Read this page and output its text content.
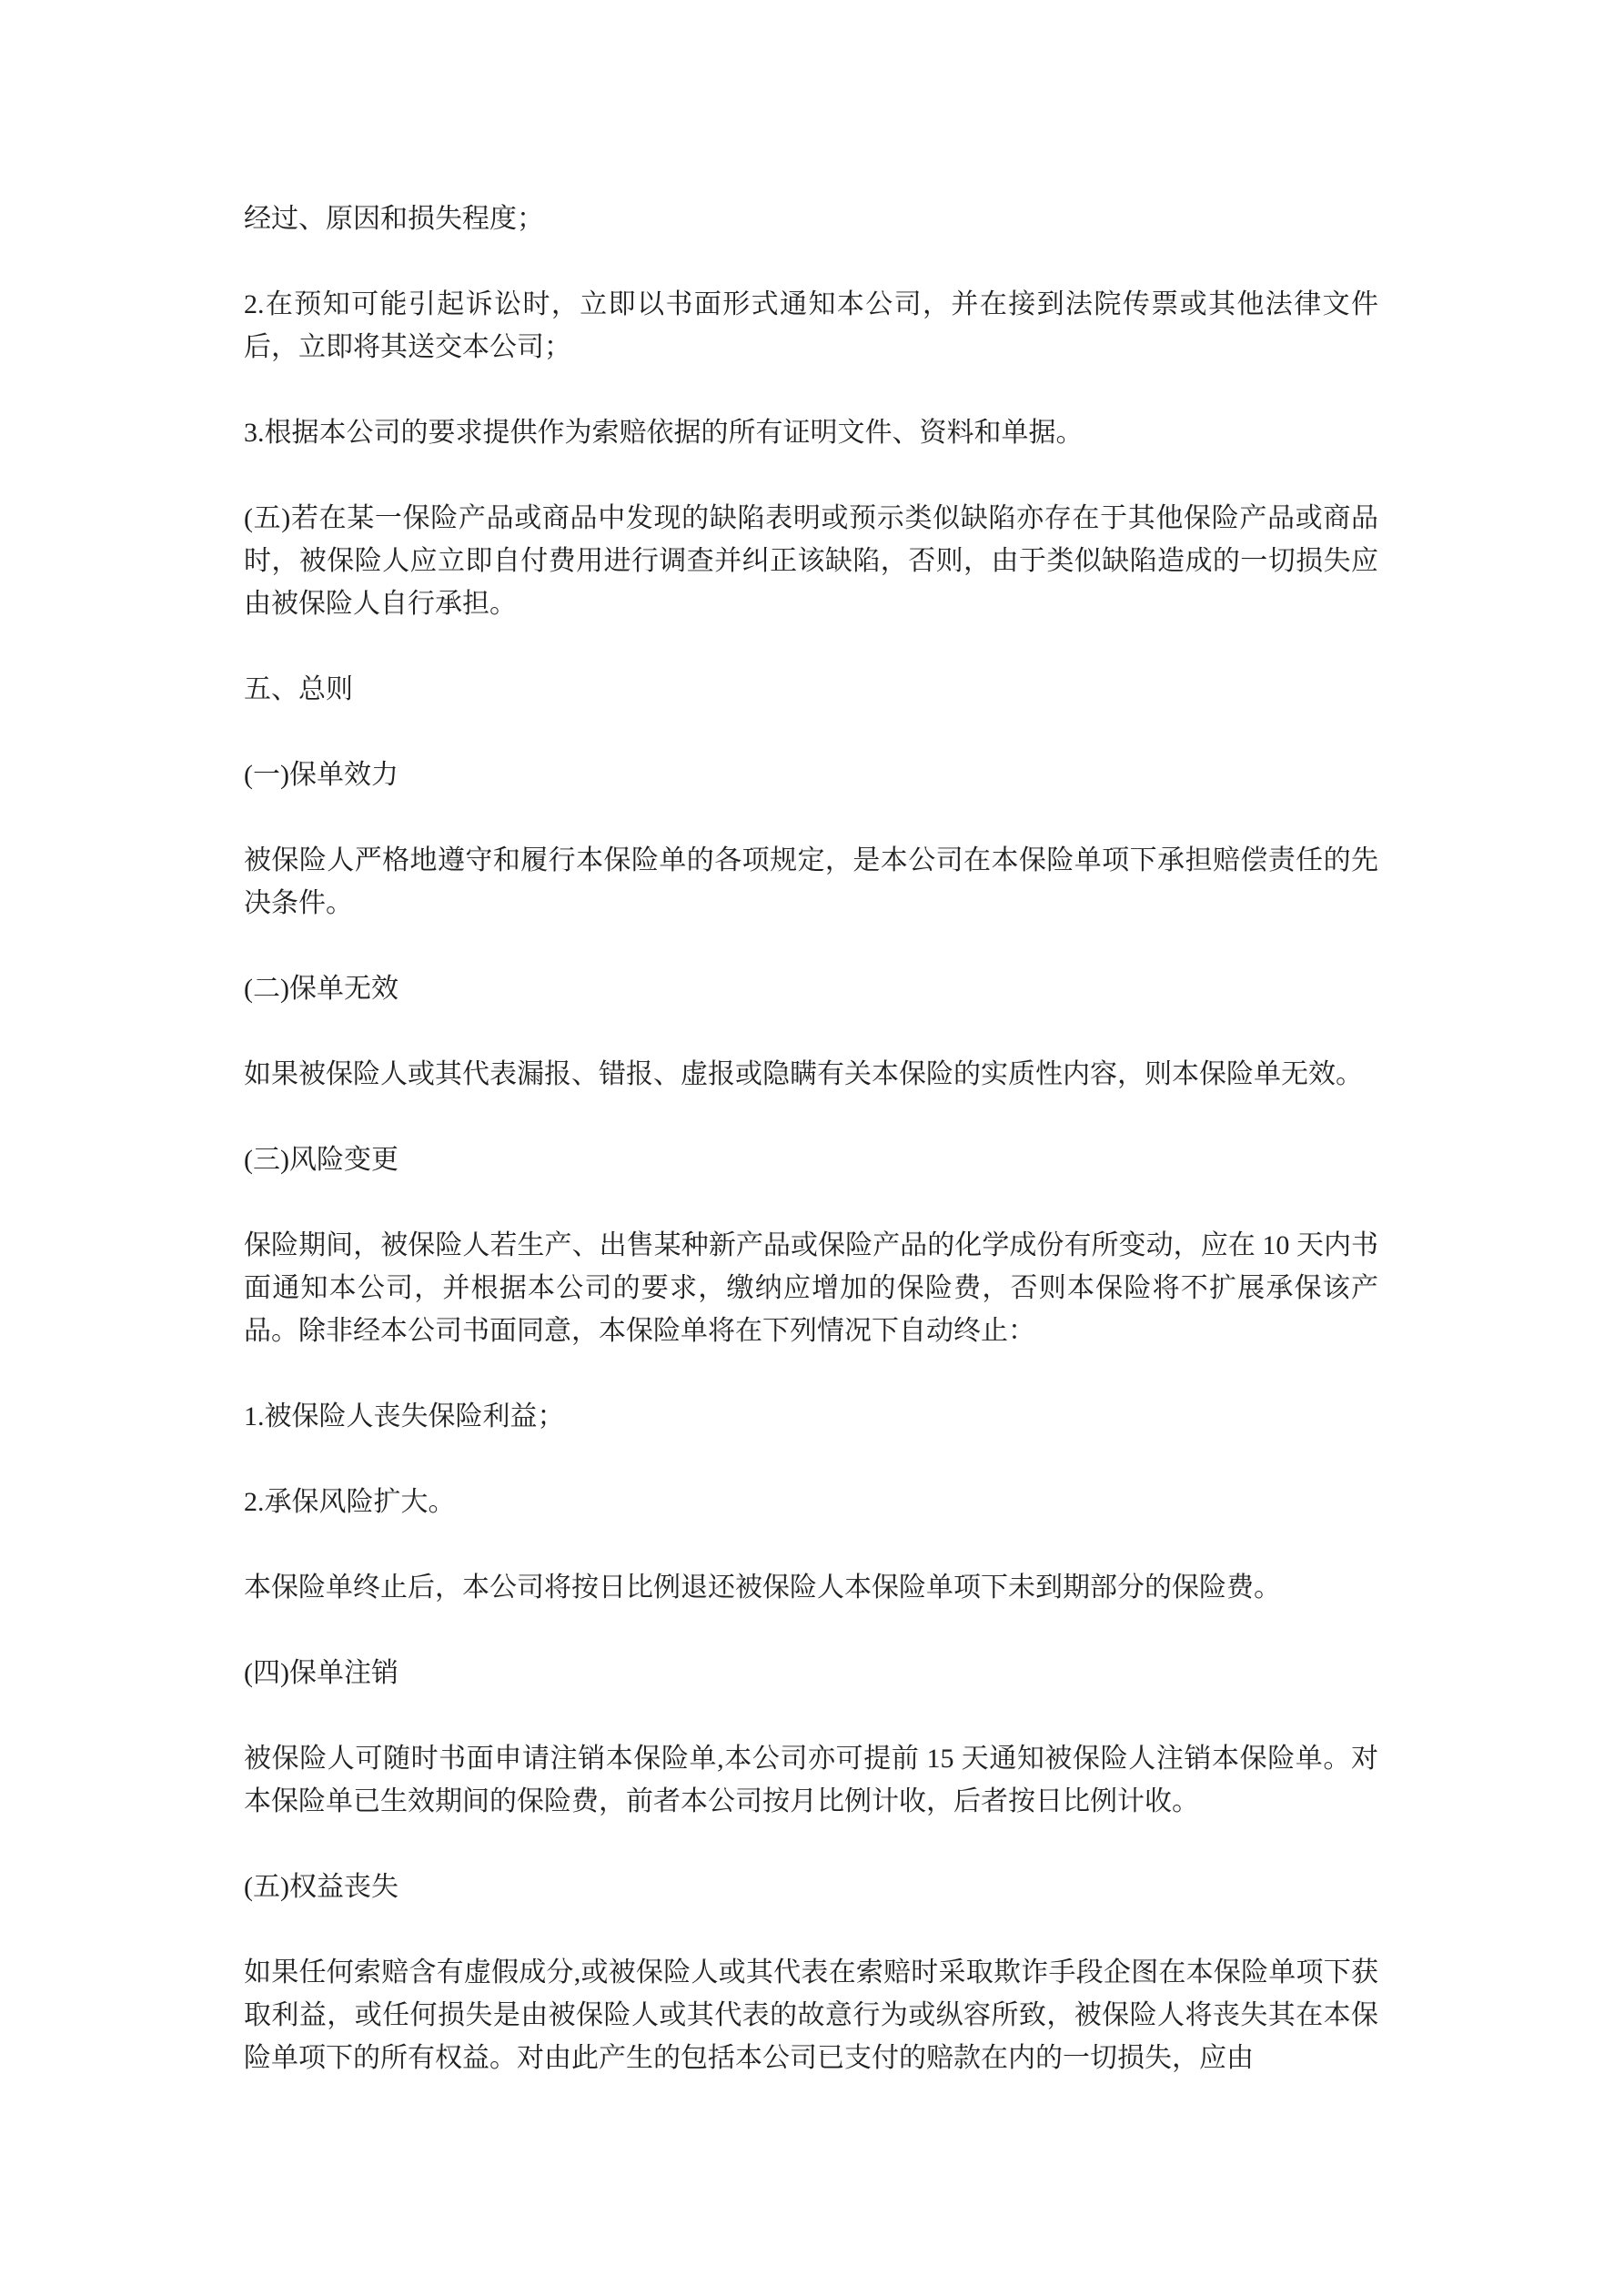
经过、原因和损失程度；

2.在预知可能引起诉讼时，立即以书面形式通知本公司，并在接到法院传票或其他法律文件后，立即将其送交本公司；

3.根据本公司的要求提供作为索赔依据的所有证明文件、资料和单据。

(五)若在某一保险产品或商品中发现的缺陷表明或预示类似缺陷亦存在于其他保险产品或商品时，被保险人应立即自付费用进行调查并纠正该缺陷，否则，由于类似缺陷造成的一切损失应由被保险人自行承担。

五、总则

(一)保单效力

被保险人严格地遵守和履行本保险单的各项规定，是本公司在本保险单项下承担赔偿责任的先决条件。

(二)保单无效

如果被保险人或其代表漏报、错报、虚报或隐瞒有关本保险的实质性内容，则本保险单无效。

(三)风险变更

保险期间，被保险人若生产、出售某种新产品或保险产品的化学成份有所变动，应在 10 天内书面通知本公司，并根据本公司的要求，缴纳应增加的保险费，否则本保险将不扩展承保该产品。除非经本公司书面同意，本保险单将在下列情况下自动终止：

1.被保险人丧失保险利益；

2.承保风险扩大。

本保险单终止后，本公司将按日比例退还被保险人本保险单项下未到期部分的保险费。

(四)保单注销

被保险人可随时书面申请注销本保险单,本公司亦可提前 15 天通知被保险人注销本保险单。对本保险单已生效期间的保险费，前者本公司按月比例计收，后者按日比例计收。

(五)权益丧失

如果任何索赔含有虚假成分,或被保险人或其代表在索赔时采取欺诈手段企图在本保险单项下获取利益，或任何损失是由被保险人或其代表的故意行为或纵容所致，被保险人将丧失其在本保险单项下的所有权益。对由此产生的包括本公司已支付的赔款在内的一切损失，应由
